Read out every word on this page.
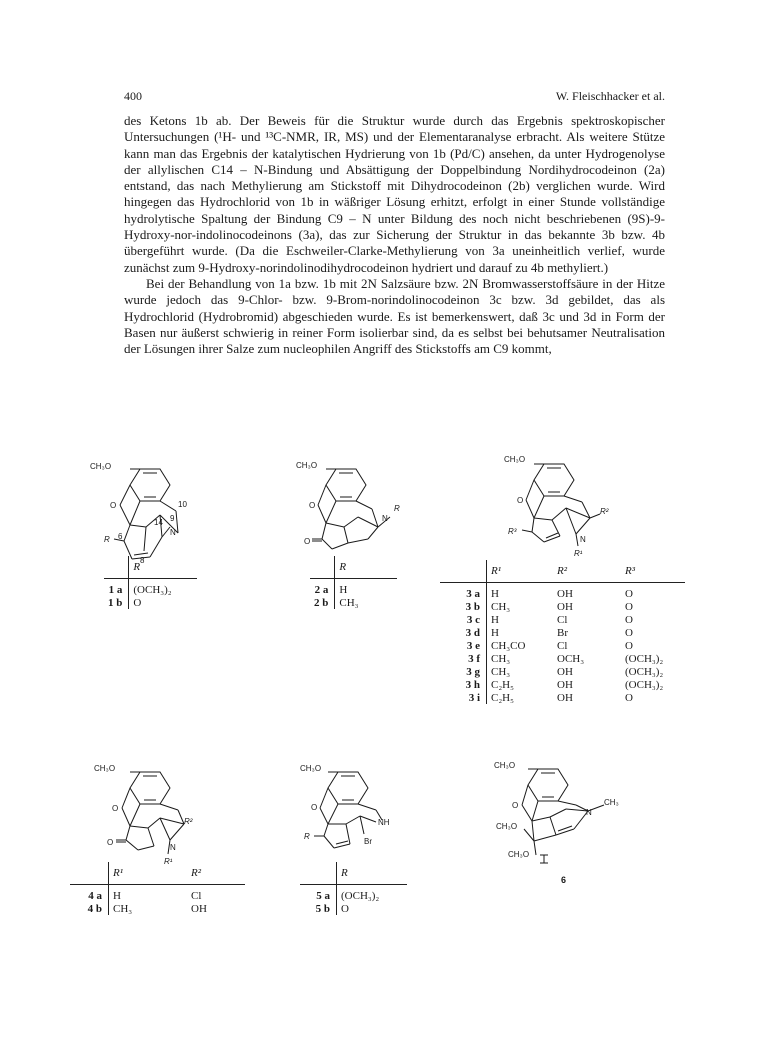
400	W. Fleischhacker et al.

des Ketons 1b ab. Der Beweis für die Struktur wurde durch das Ergebnis spektroskopischer Untersuchungen (¹H- und ¹³C-NMR, IR, MS) und der Elementaranalyse erbracht. Als weitere Stütze kann man das Ergebnis der katalytischen Hydrierung von 1b (Pd/C) ansehen, da unter Hydrogenolyse der allylischen C14 – N-Bindung und Absättigung der Doppelbindung Nordihydrocodeinon (2a) entstand, das nach Methylierung am Stickstoff mit Dihydrocodeinon (2b) verglichen wurde. Wird hingegen das Hydrochlorid von 1b in wäßriger Lösung erhitzt, erfolgt in einer Stunde vollständige hydrolytische Spaltung der Bindung C9 – N unter Bildung des noch nicht beschriebenen (9S)-9-Hydroxy-nor-indolinocodeinons (3a), das zur Sicherung der Struktur in das bekannte 3b bzw. 4b übergeführt wurde. (Da die Eschweiler-Clarke-Methylierung von 3a uneinheitlich verlief, wurde zunächst zum 9-Hydroxy-norindolinodihydrocodeinon hydriert und darauf zu 4b methyliert.)

Bei der Behandlung von 1a bzw. 1b mit 2N Salzsäure bzw. 2N Bromwasserstoffsäure in der Hitze wurde jedoch das 9-Chlor- bzw. 9-Brom-norindolinocodeinon 3c bzw. 3d gebildet, das als Hydrochlorid (Hydrobromid) abgeschieden wurde. Es ist bemerkenswert, daß 3c und 3d in Form der Basen nur äußerst schwierig in reiner Form isolierbar sind, da es selbst bei behutsamer Neutralisation der Lösungen ihrer Salze zum nucleophilen Angriff des Stickstoffs am C9 kommt,

CH₃O
O
R
N
10
6
8
9
14
	R

1 a	(OCH₃)₂
1 b	O
CH₃O
O
O
N
R
	R

2 a	H
2 b	CH₃
CH₃O
O
R³
R²
N
R¹
	R¹	R²	R³

3 a	H	OH	O
3 b	CH₃	OH	O
3 c	H	Cl	O
3 d	H	Br	O
3 e	CH₃CO	Cl	O
3 f	CH₃	OCH₃	(OCH₃)₂
3 g	CH₃	OH	(OCH₃)₂
3 h	C₂H₅	OH	(OCH₃)₂
3 i	C₂H₅	OH	O
CH₃O
O
O
R²
N
R¹
	R¹	R²

4 a	H	Cl
4 b	CH₃	OH
CH₃O
O
R
NH
Br
	R

5 a	(OCH₃)₂
5 b	O
CH₃O
O
N
CH₃
CH₃O
CH₃O
6
